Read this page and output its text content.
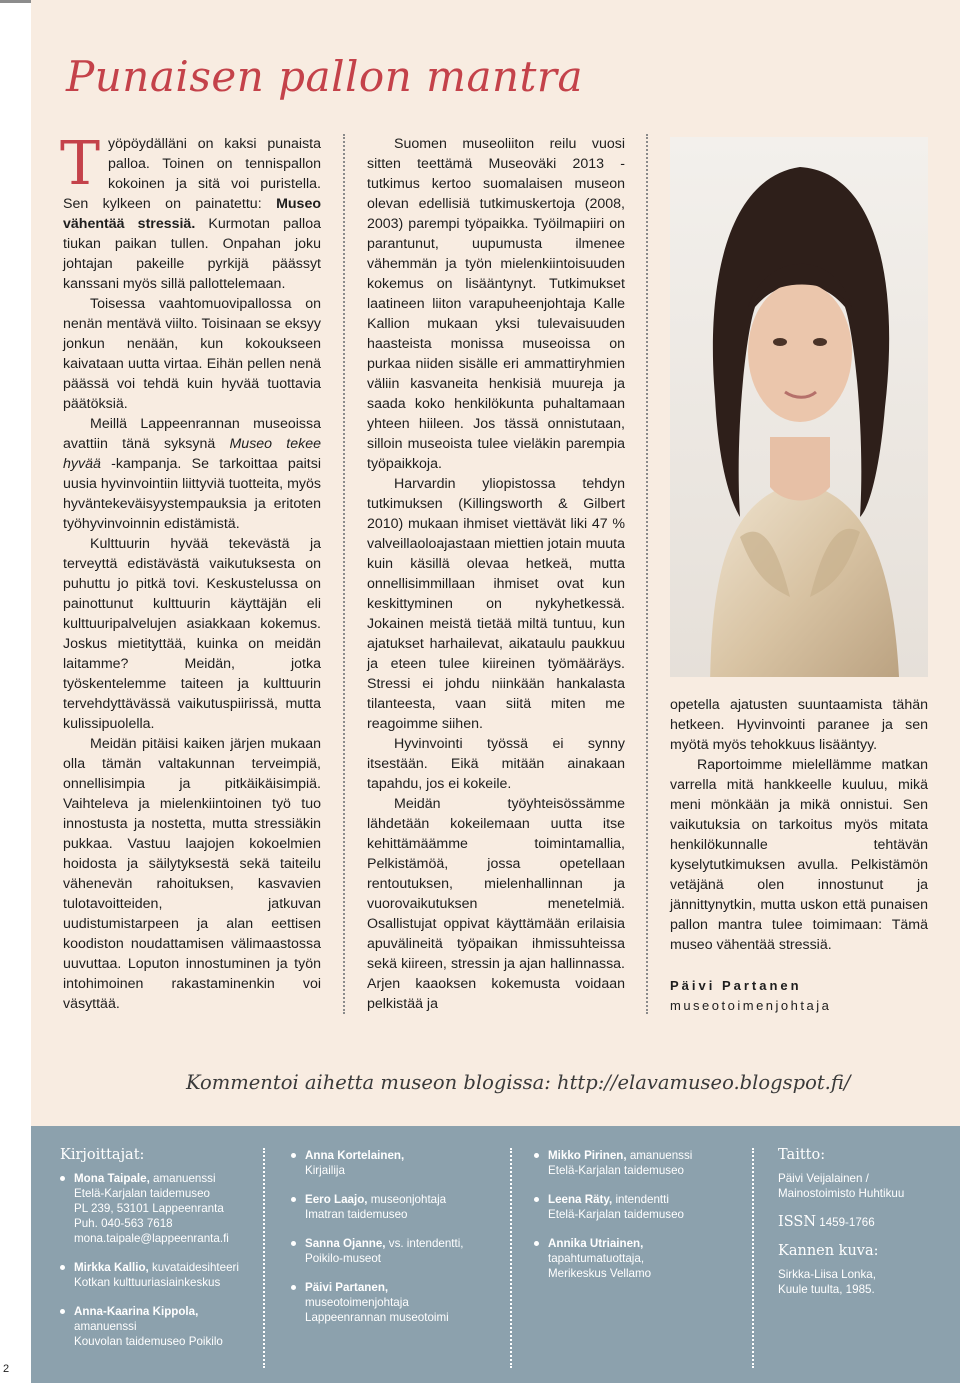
Punaisen pallon mantra

Työpöydälläni on kaksi punaista palloa. Toinen on tennispallon kokoinen ja sitä voi puristella. Sen kylkeen on painatettu: Museo vähentää stressiä. Kurmotan palloa tiukan paikan tullen. Onpahan joku johtajan pakeille pyrkijä päässyt kanssani myös sillä pallottelemaan.

Toisessa vaahtomuovipallossa on nenän mentävä viilto. Toisinaan se eksyy jonkun nenään, kun kokoukseen kaivataan uutta virtaa. Eihän pellen nenä päässä voi tehdä kuin hyvää tuottavia päätöksiä.

Meillä Lappeenrannan museoissa avattiin tänä syksynä Museo tekee hyvää -kampanja. Se tarkoittaa paitsi uusia hyvinvointiin liittyviä tuotteita, myös hyväntekeväisyystempauksia ja eritoten työhyvinvoinnin edistämistä.

Kulttuurin hyvää tekevästä ja terveyttä edistävästä vaikutuksesta on puhuttu jo pitkä tovi. Keskustelussa on painottunut kulttuurin käyttäjän eli kulttuuripalvelujen asiakkaan kokemus. Joskus mietityttää, kuinka on meidän laitamme? Meidän, jotka työskentelemme taiteen ja kulttuurin tervehdyttävässä vaikutuspiirissä, mutta kulissipuolella.

Meidän pitäisi kaiken järjen mukaan olla tämän valtakunnan terveimpiä, onnellisimpia ja pitkäikäisimpiä. Vaihteleva ja mielenkiintoinen työ tuo innostusta ja nostetta, mutta stressiäkin pukkaa. Vastuu laajojen kokoelmien hoidosta ja säilytyksestä sekä taiteilu vähenevän rahoituksen, kasvavien tulotavoitteiden, jatkuvan uudistumistarpeen ja alan eettisen koodiston noudattamisen välimaastossa uuvuttaa. Loputon innostuminen ja työn intohimoinen rakastaminenkin voi väsyttää.

Suomen museoliiton reilu vuosi sitten teettämä Museoväki 2013 -tutkimus kertoo suomalaisen museon olevan edellisiä tutkimuskertoja (2008, 2003) parempi työpaikka. Työilmapiiri on parantunut, uupumusta ilmenee vähemmän ja työn mielenkiintoisuuden kokemus on lisääntynyt. Tutkimukset laatineen liiton varapuheenjohtaja Kalle Kallion mukaan yksi tulevaisuuden haasteista monissa museoissa on purkaa niiden sisälle eri ammattiryhmien väliin kasvaneita henkisiä muureja ja saada koko henkilökunta puhaltamaan yhteen hiileen. Jos tässä onnistutaan, silloin museoista tulee vieläkin parempia työpaikkoja.

Harvardin yliopistossa tehdyn tutkimuksen (Killingsworth & Gilbert 2010) mukaan ihmiset viettävät liki 47 % valveillaoloajastaan miettien jotain muuta kuin käsillä olevaa hetkeä, mutta onnellisimmillaan ihmiset ovat kun keskittyminen on nykyhetkessä. Jokainen meistä tietää miltä tuntuu, kun ajatukset harhailevat, aikataulu paukkuu ja eteen tulee kiireinen työmääräys. Stressi ei johdu niinkään hankalasta tilanteesta, vaan siitä miten me reagoimme siihen.

Hyvinvointi työssä ei synny itsestään. Eikä mitään ainakaan tapahdu, jos ei kokeile.

Meidän työyhteisössämme lähdetään kokeilemaan uutta itse kehittämäämme toimintamallia, Pelkistämöä, jossa opetellaan rentoutuksen, mielenhallinnan ja vuorovaikutuksen menetelmiä. Osallistujat oppivat käyttämään erilaisia apuvälineitä työpaikan ihmissuhteissa sekä kiireen, stressin ja ajan hallinnassa. Arjen kaaoksen kokemusta voidaan pelkistää ja

opetella ajatusten suuntaamista tähän hetkeen. Hyvinvointi paranee ja sen myötä myös tehokkuus lisääntyy.

Raportoimme mielellämme matkan varrella mitä hankkeelle kuuluu, mikä meni mönkään ja mikä onnistui. Sen vaikutuksia on tarkoitus myös mitata henkilökunnalle tehtävän kyselytutkimuksen avulla. Pelkistämön vetäjänä olen innostunut ja jännittynytkin, mutta uskon että punaisen pallon mantra tulee toimimaan: Tämä museo vähentää stressiä.

Päivi Partanen
museotoimenjohtaja
Kommentoi aihetta museon blogissa: http://elavamuseo.blogspot.fi/
Kirjoittajat:
Mona Taipale, amanuenssi
Etelä-Karjalan taidemuseo
PL 239, 53101 Lappeenranta
Puh. 040-563 7618
mona.taipale@lappeenranta.fi
Mirkka Kallio, kuvataidesihteeri
Kotkan kulttuuriasiainkeskus
Anna-Kaarina Kippola,
amanuenssi
Kouvolan taidemuseo Poikilo
Anna Kortelainen,
Kirjailija
Eero Laajo, museonjohtaja
Imatran taidemuseo
Sanna Ojanne, vs. intendentti,
Poikilo-museot
Päivi Partanen,
museotoimenjohtaja
Lappeenrannan museotoimi
Mikko Pirinen, amanuenssi
Etelä-Karjalan taidemuseo
Leena Räty, intendentti
Etelä-Karjalan taidemuseo
Annika Utriainen,
tapahtumatuottaja,
Merikeskus Vellamo
Taitto:
Päivi Veijalainen /
Mainostoimisto Huhtikuu
ISSN 1459-1766
Kannen kuva:
Sirkka-Liisa Lonka,
Kuule tuulta, 1985.
2
